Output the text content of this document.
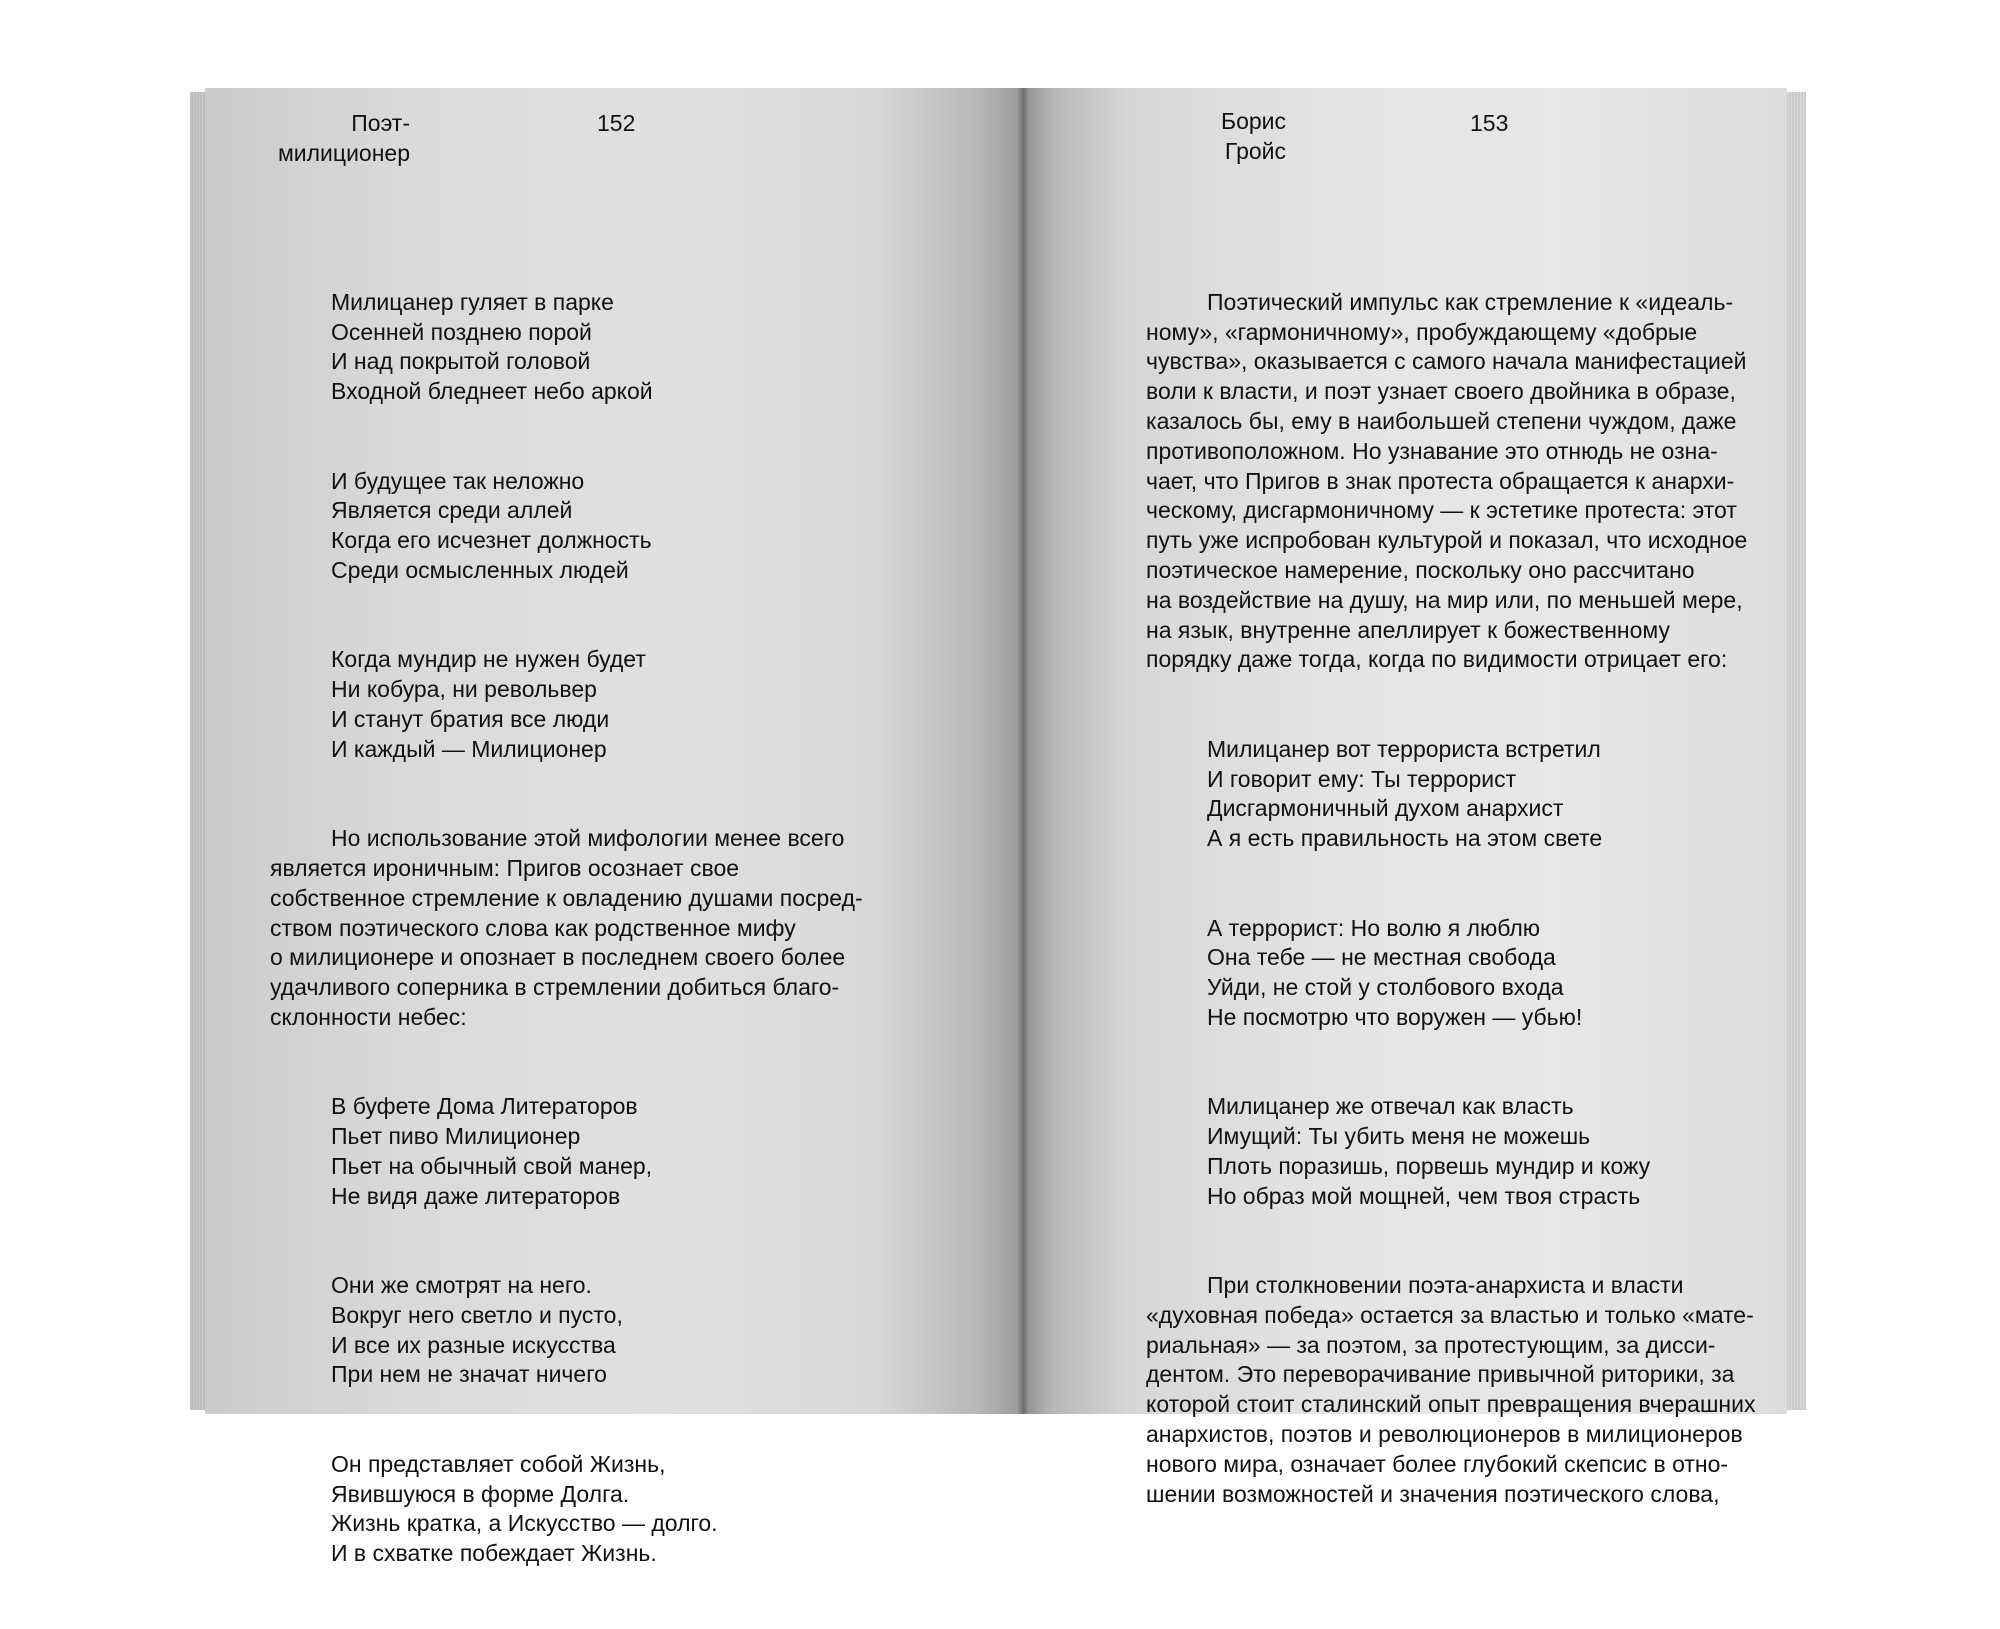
Поэт-
милиционер
152	Борис
Гройс
153

Милицанер гуляет в парке
Осенней позднею порой
И над покрытой головой
Входной бледнеет небо аркой

И будущее так неложно
Является среди аллей
Когда его исчезнет должность
Среди осмысленных людей

Когда мундир не нужен будет
Ни кобура, ни револьвер
И станут братия все люди
И каждый — Милиционер

Но использование этой мифологии менее всего
является ироничным: Пригов осознает свое
собственное стремление к овладению душами посред-
ством поэтического слова как родственное мифу
о милиционере и опознает в последнем своего более
удачливого соперника в стремлении добиться благо-
склонности небес:

В буфете Дома Литераторов
Пьет пиво Милиционер
Пьет на обычный свой манер,
Не видя даже литераторов

Они же смотрят на него.
Вокруг него светло и пусто,
И все их разные искусства
При нем не значат ничего

Он представляет собой Жизнь,
Явившуюся в форме Долга.
Жизнь кратка, а Искусство — долго.
И в схватке побеждает Жизнь.

Поэтический импульс как стремление к «идеаль-
ному», «гармоничному», пробуждающему «добрые
чувства», оказывается с самого начала манифестацией
воли к власти, и поэт узнает своего двойника в образе,
казалось бы, ему в наибольшей степени чуждом, даже
противоположном. Но узнавание это отнюдь не озна-
чает, что Пригов в знак протеста обращается к анархи-
ческому, дисгармоничному — к эстетике протеста: этот
путь уже испробован культурой и показал, что исходное
поэтическое намерение, поскольку оно рассчитано
на воздействие на душу, на мир или, по меньшей мере,
на язык, внутренне апеллирует к божественному
порядку даже тогда, когда по видимости отрицает его:

Милицанер вот террориста встретил
И говорит ему: Ты террорист
Дисгармоничный духом анархист
А я есть правильность на этом свете

А террорист: Но волю я люблю
Она тебе — не местная свобода
Уйди, не стой у столбового входа
Не посмотрю что воружен — убью!

Милицанер же отвечал как власть
Имущий: Ты убить меня не можешь
Плоть поразишь, порвешь мундир и кожу
Но образ мой мощней, чем твоя страсть

При столкновении поэта-анархиста и власти
«духовная победа» остается за властью и только «мате-
риальная» — за поэтом, за протестующим, за дисси-
дентом. Это переворачивание привычной риторики, за
которой стоит сталинский опыт превращения вчерашних
анархистов, поэтов и революционеров в милиционеров
нового мира, означает более глубокий скепсис в отно-
шении возможностей и значения поэтического слова,
